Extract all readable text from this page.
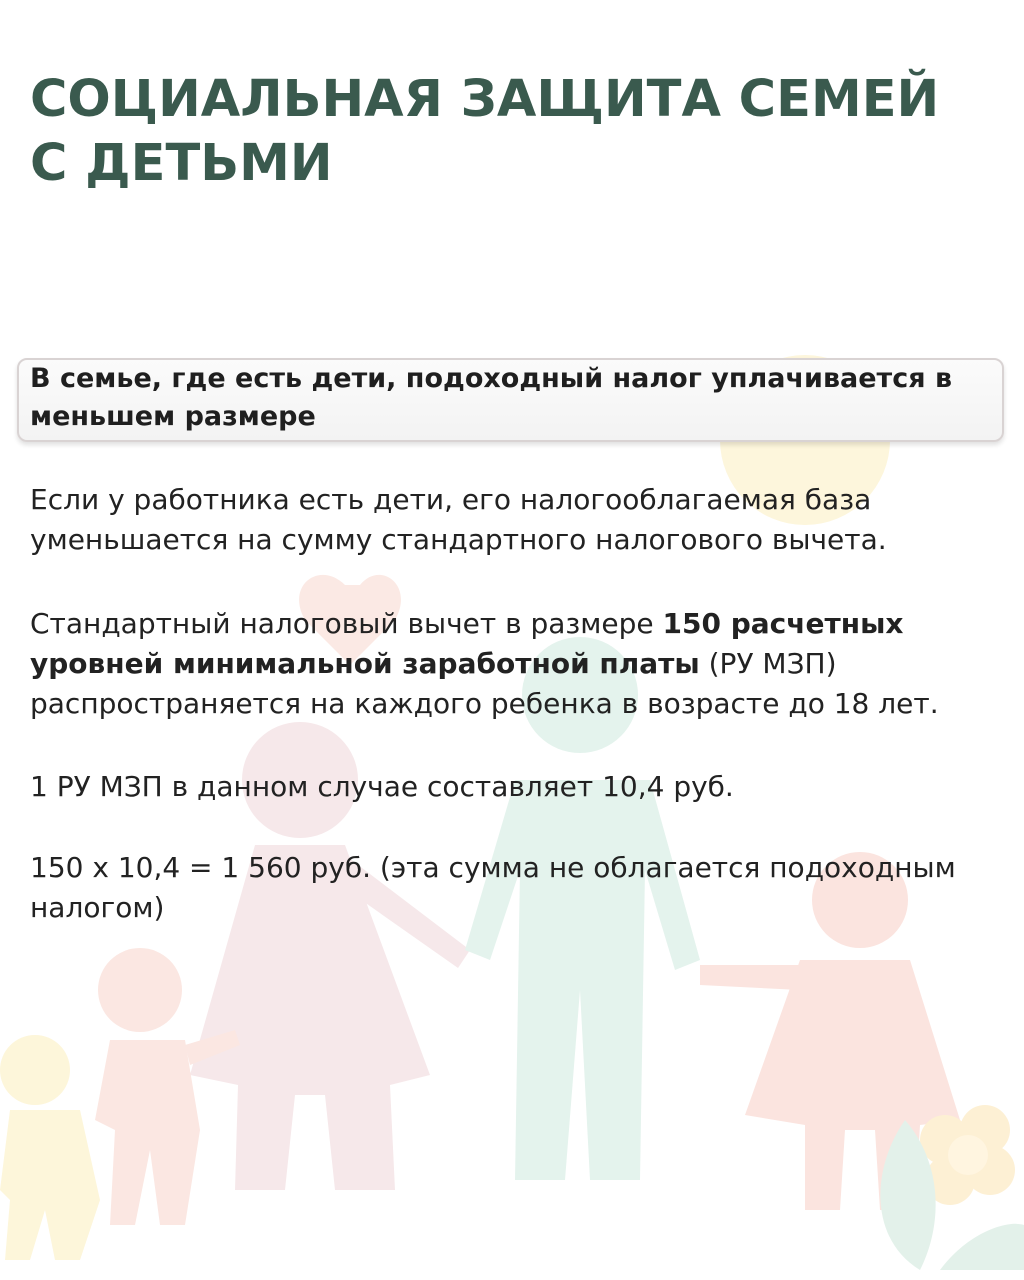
СОЦИАЛЬНАЯ ЗАЩИТА СЕМЕЙ С ДЕТЬМИ

В семье, где есть дети, подоходный налог уплачивается в меньшем размере

Если у работника есть дети, его налогооблагаемая база уменьшается на сумму стандартного налогового вычета.

Стандартный налоговый вычет в размере 150 расчетных уровней минимальной заработной платы (РУ МЗП) распространяется на каждого ребенка в возрасте до 18 лет.

1 РУ МЗП в данном случае составляет 10,4 руб.

150 х 10,4 = 1 560 руб. (эта сумма не облагается подоходным налогом)
